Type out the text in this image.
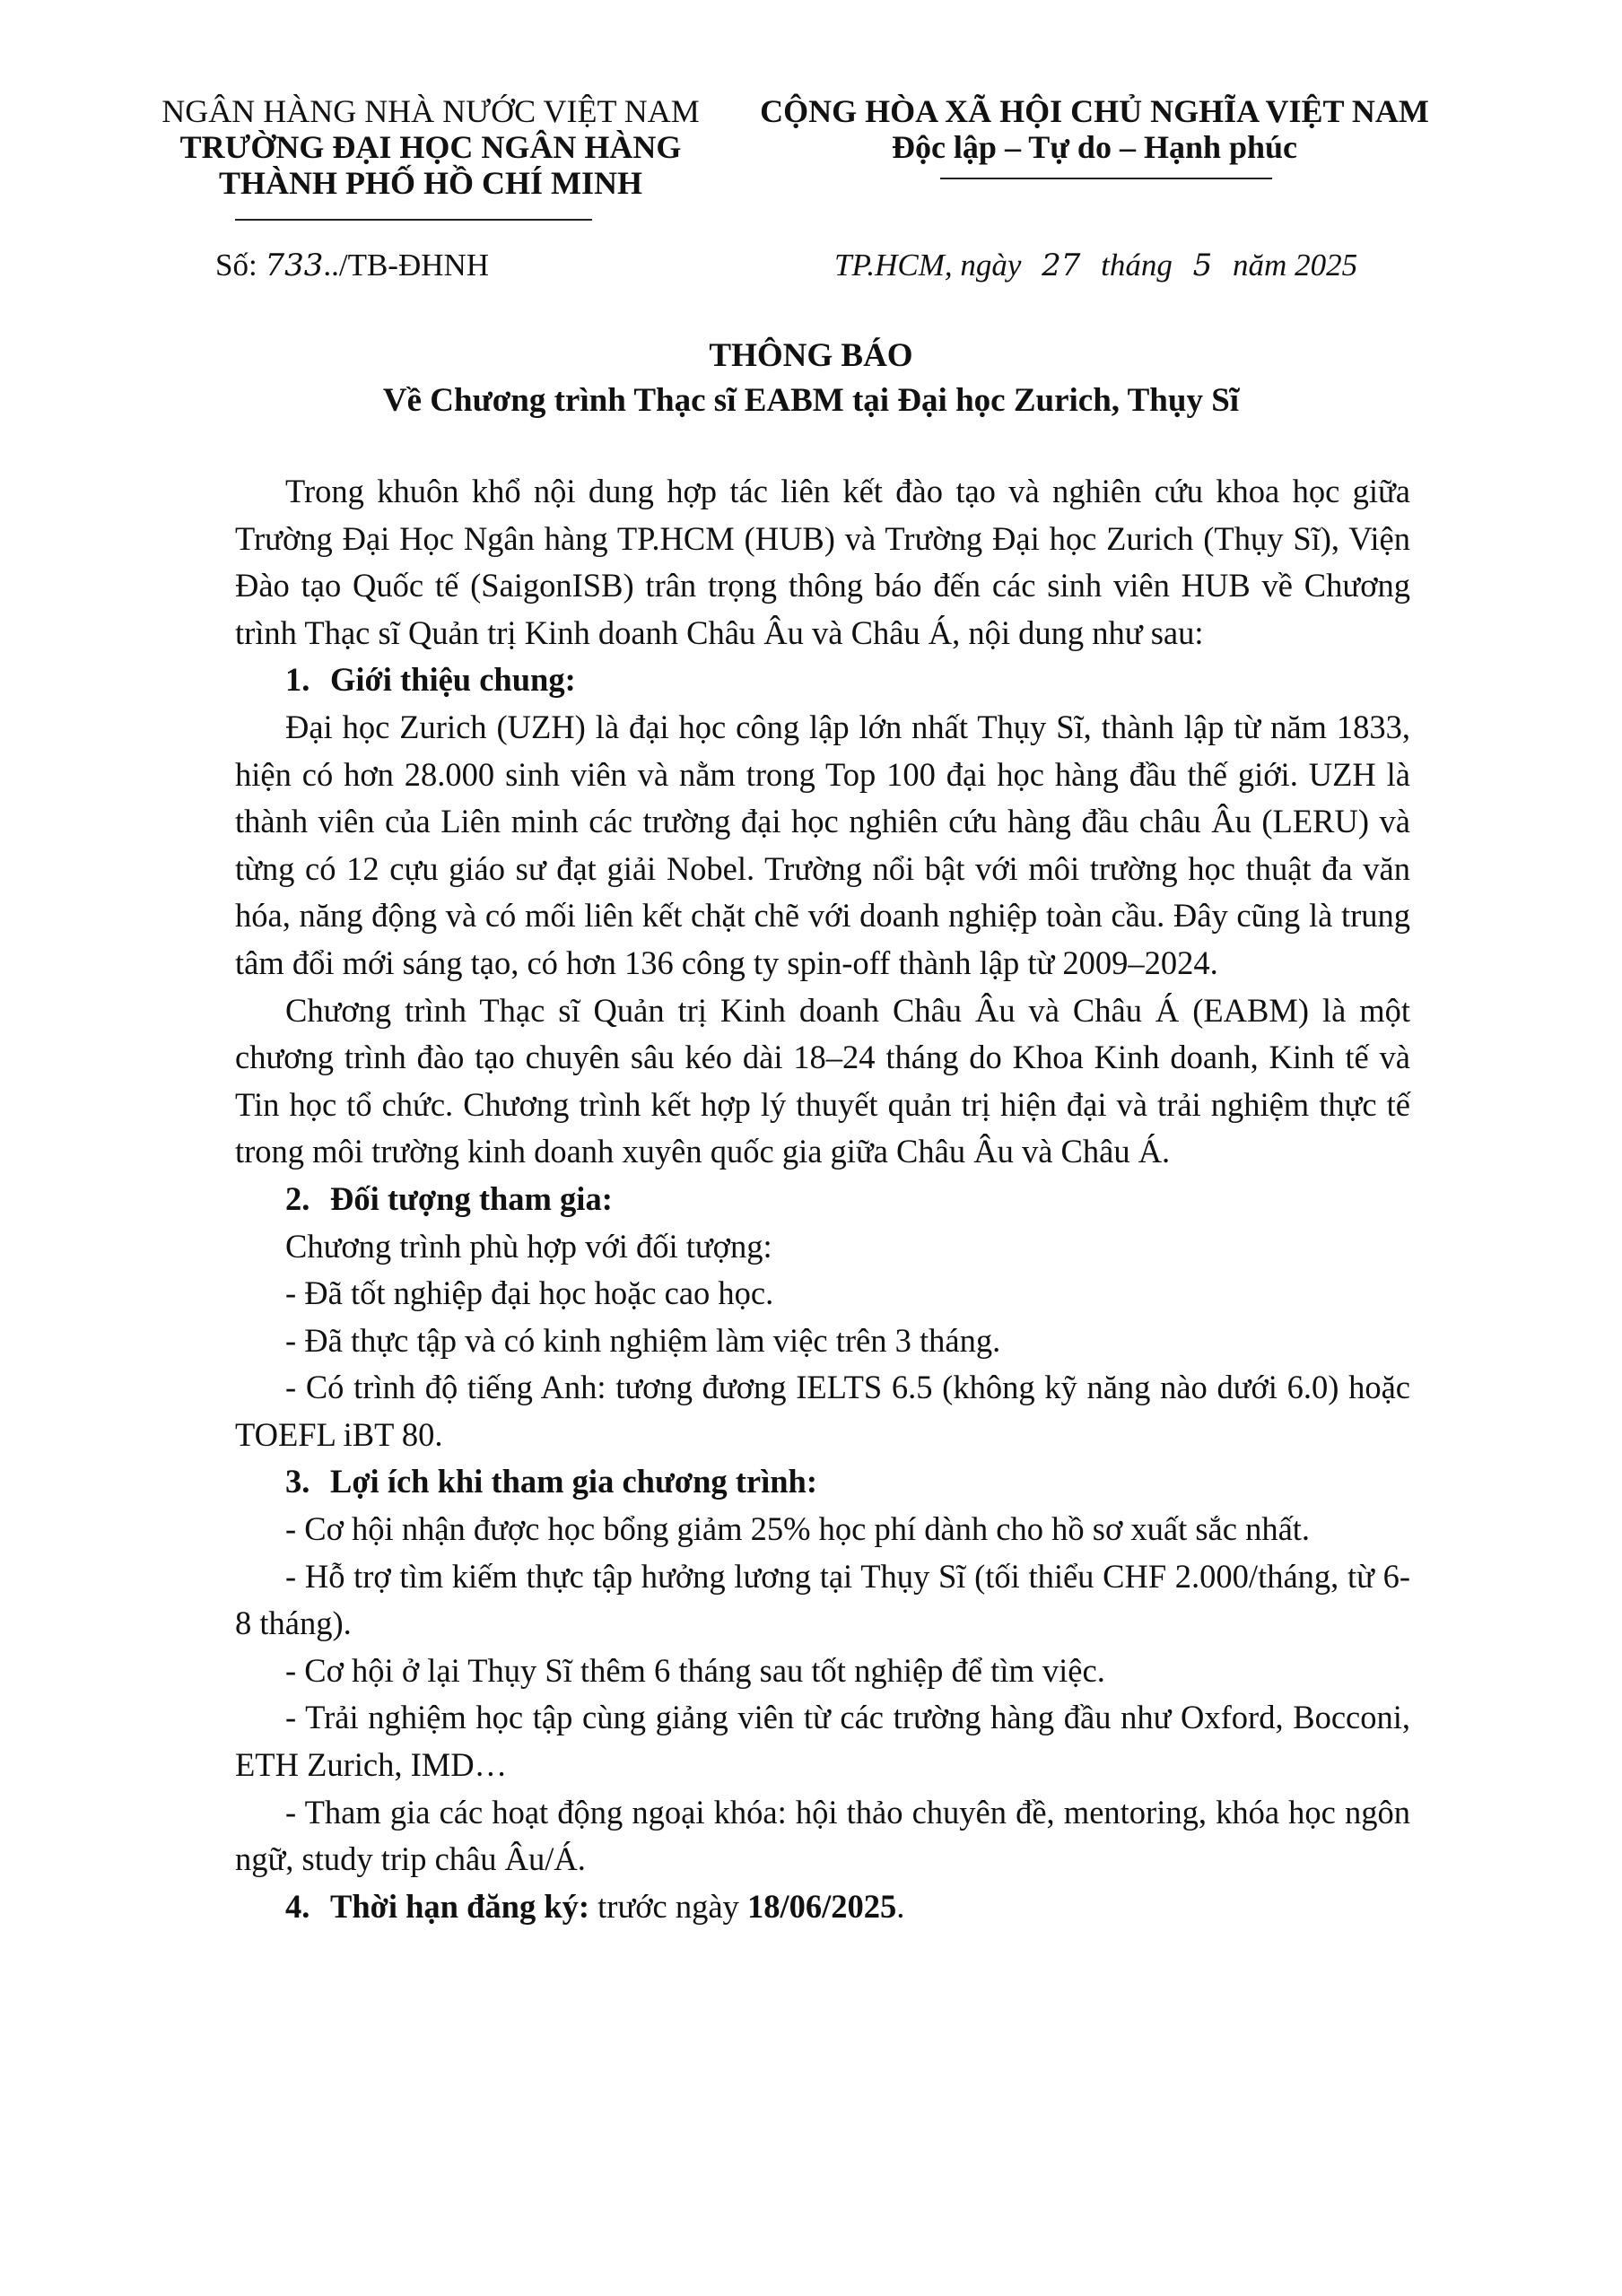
NGÂN HÀNG NHÀ NƯỚC VIỆT NAM
TRƯỜNG ĐẠI HỌC NGÂN HÀNG
THÀNH PHỐ HỒ CHÍ MINH
CỘNG HÒA XÃ HỘI CHỦ NGHĨA VIỆT NAM
Độc lập – Tự do – Hạnh phúc
Số: 733../TB-ĐHNH	TP.HCM, ngày 27 tháng 5 năm 2025
THÔNG BÁO
Về Chương trình Thạc sĩ EABM tại Đại học Zurich, Thụy Sĩ

Trong khuôn khổ nội dung hợp tác liên kết đào tạo và nghiên cứu khoa học giữa Trường Đại Học Ngân hàng TP.HCM (HUB) và Trường Đại học Zurich (Thụy Sĩ), Viện Đào tạo Quốc tế (SaigonISB) trân trọng thông báo đến các sinh viên HUB về Chương trình Thạc sĩ Quản trị Kinh doanh Châu Âu và Châu Á, nội dung như sau:

1. Giới thiệu chung:

Đại học Zurich (UZH) là đại học công lập lớn nhất Thụy Sĩ, thành lập từ năm 1833, hiện có hơn 28.000 sinh viên và nằm trong Top 100 đại học hàng đầu thế giới. UZH là thành viên của Liên minh các trường đại học nghiên cứu hàng đầu châu Âu (LERU) và từng có 12 cựu giáo sư đạt giải Nobel. Trường nổi bật với môi trường học thuật đa văn hóa, năng động và có mối liên kết chặt chẽ với doanh nghiệp toàn cầu. Đây cũng là trung tâm đổi mới sáng tạo, có hơn 136 công ty spin-off thành lập từ 2009–2024.

Chương trình Thạc sĩ Quản trị Kinh doanh Châu Âu và Châu Á (EABM) là một chương trình đào tạo chuyên sâu kéo dài 18–24 tháng do Khoa Kinh doanh, Kinh tế và Tin học tổ chức. Chương trình kết hợp lý thuyết quản trị hiện đại và trải nghiệm thực tế trong môi trường kinh doanh xuyên quốc gia giữa Châu Âu và Châu Á.

2. Đối tượng tham gia:

Chương trình phù hợp với đối tượng:

- Đã tốt nghiệp đại học hoặc cao học.

- Đã thực tập và có kinh nghiệm làm việc trên 3 tháng.

- Có trình độ tiếng Anh: tương đương IELTS 6.5 (không kỹ năng nào dưới 6.0) hoặc TOEFL iBT 80.

3. Lợi ích khi tham gia chương trình:

- Cơ hội nhận được học bổng giảm 25% học phí dành cho hồ sơ xuất sắc nhất.

- Hỗ trợ tìm kiếm thực tập hưởng lương tại Thụy Sĩ (tối thiểu CHF 2.000/tháng, từ 6-8 tháng).

- Cơ hội ở lại Thụy Sĩ thêm 6 tháng sau tốt nghiệp để tìm việc.

- Trải nghiệm học tập cùng giảng viên từ các trường hàng đầu như Oxford, Bocconi, ETH Zurich, IMD…

- Tham gia các hoạt động ngoại khóa: hội thảo chuyên đề, mentoring, khóa học ngôn ngữ, study trip châu Âu/Á.

4. Thời hạn đăng ký: trước ngày 18/06/2025.
